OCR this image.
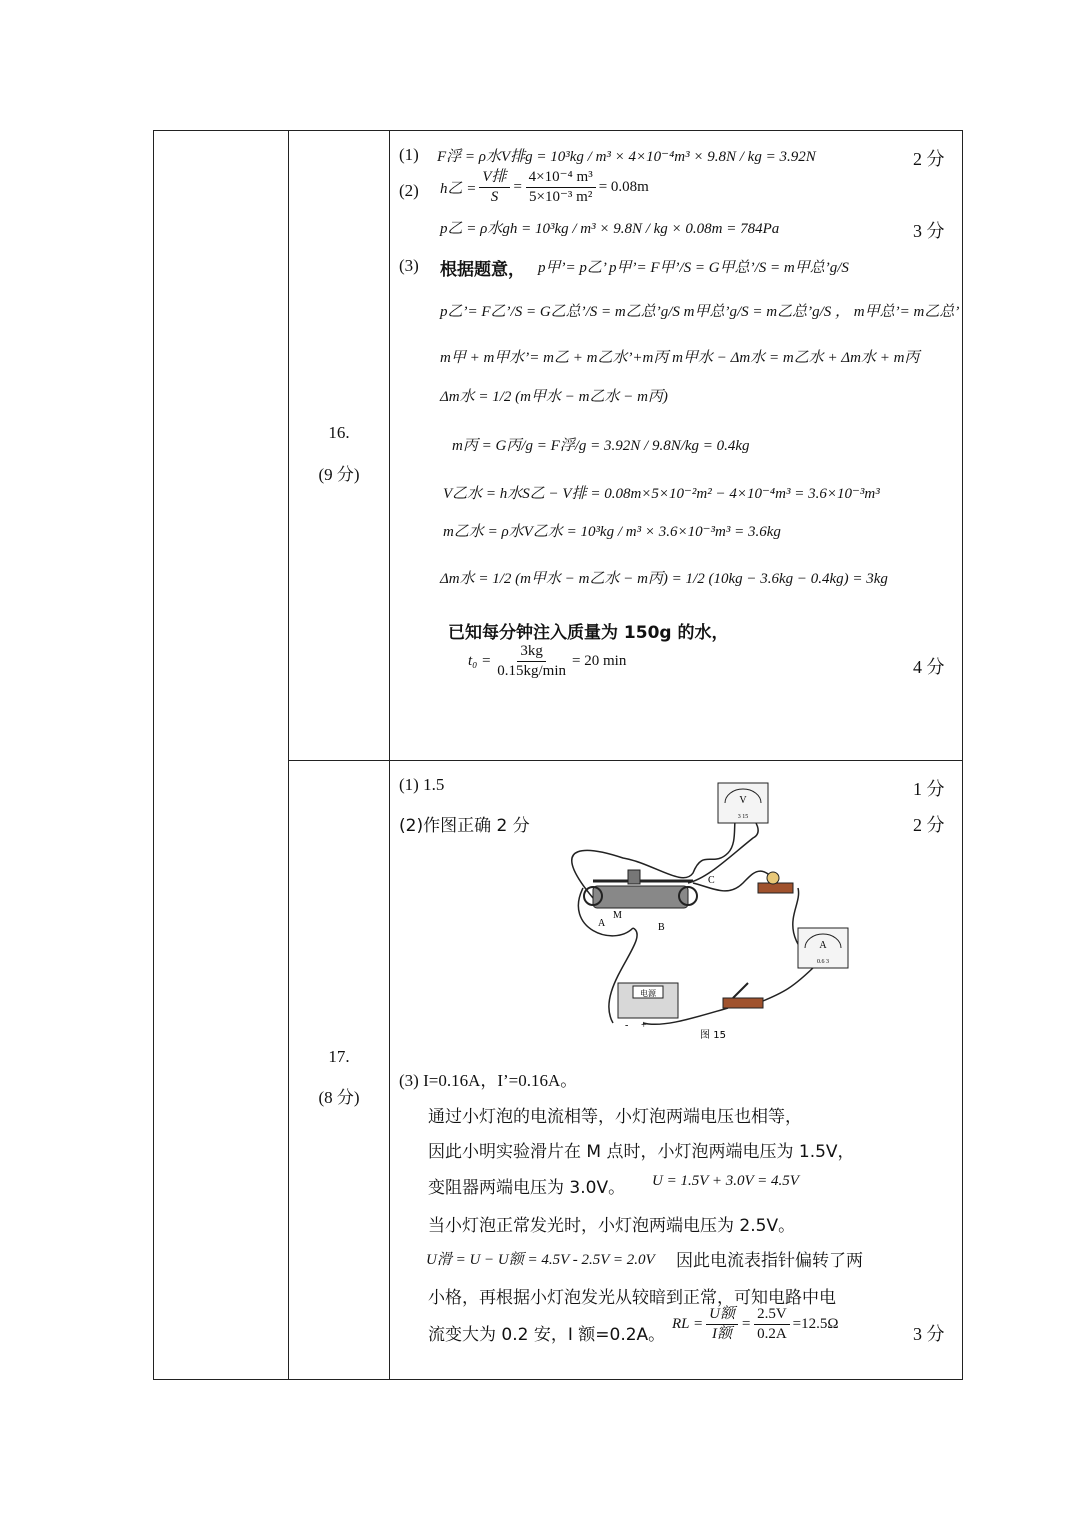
16.
(9 分)
(1) F浮 = ρ水V排g = 10³kg / m³ × 4×10⁻⁴m³ × 9.8N / kg = 3.92N	2 分
(2) h乙 = $\frac{\text{V排}}{S} = \frac{\text{4×10⁻⁴ m³}}{\text{5×10⁻³ m²}} = 0.08m$
p乙 = ρ水gh = 10³kg / m³ × 9.8N / kg × 0.08m = 784Pa	3 分
(3) 根据题意， p甲’= p乙’ p甲’= F甲’/S = G甲总’/S = m甲总’g/S
p乙’= F乙’/S = G乙总’/S = m乙总’g/S m甲总’g/S = m乙总’g/S ， m甲总’= m乙总’
m甲 + m甲水’= m乙 + m乙水’+m丙 m甲水 − Δm水 = m乙水 + Δm水 + m丙
Δm水 = 1/2 (m甲水 − m乙水 − m丙)
m丙 = G丙/g = F浮/g = 3.92N / 9.8N/kg = 0.4kg
V乙水 = h水S乙 − V排 = 0.08m×5×10⁻²m² − 4×10⁻⁴m³ = 3.6×10⁻³m³
m乙水 = ρ水V乙水 = 10³kg / m³ × 3.6×10⁻³m³ = 3.6kg
Δm水 = 1/2 (m甲水 − m乙水 − m丙) = 1/2 (10kg − 3.6kg − 0.4kg) = 3kg
已知每分钟注入质量为 150g 的水，
$t_0 = \frac{3kg}{0.15kg/\min} = 20$ min	4 分
17.
(8 分)
(1) 1.5	1 分
(2)作图正确 2 分	2 分
V
3 15
A
0.6 3
A	B
C
M
电源
- +
图 15
(3) I=0.16A，I’=0.16A。
通过小灯泡的电流相等，小灯泡两端电压也相等，
因此小明实验滑片在 M 点时，小灯泡两端电压为 1.5V，
变阻器两端电压为 3.0V。 U = 1.5V + 3.0V = 4.5V
当小灯泡正常发光时，小灯泡两端电压为 2.5V。
U滑 = U − U额 = 4.5V - 2.5V = 2.0V 因此电流表指针偏转了两
小格，再根据小灯泡发光从较暗到正常，可知电路中电
流变大为 0.2 安，I 额=0.2A。
RL = $\frac{\text{U额}}{\text{I额}} = \frac{2.5V}{0.2A} =12.5\Omega$	3 分
